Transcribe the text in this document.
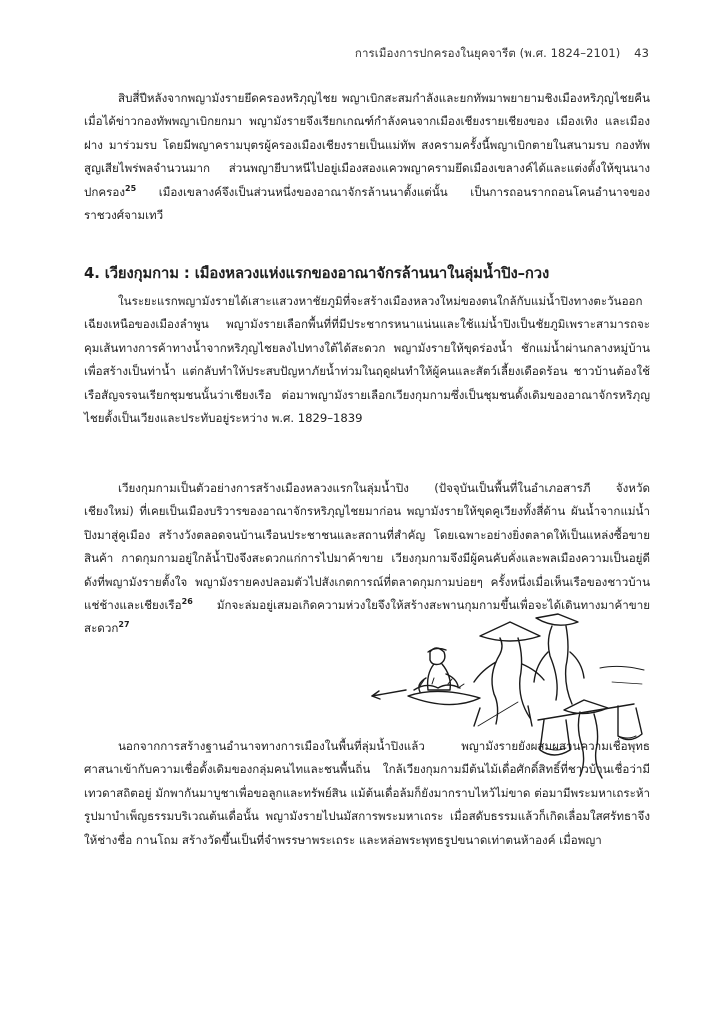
การเมืองการปกครองในยุคจารีต (พ.ศ. 1824–2101) 43

สิบสี่ปีหลังจากพญามังรายยึดครองหริภุญไชย พญาเบิกสะสมกำลังและยกทัพมาพยายามชิงเมืองหริภุญไชยคืน เมื่อได้ข่าวกองทัพพญาเบิกยกมา พญามังรายจึงเรียกเกณฑ์กำลังคนจากเมืองเชียงรายเชียงของ เมืองเทิง และเมืองฝาง มาร่วมรบ โดยมีพญาครามบุตรผู้ครองเมืองเชียงรายเป็นแม่ทัพ สงครามครั้งนี้พญาเบิกตายในสนามรบ กองทัพสูญเสียไพร่พลจำนวนมาก ส่วนพญายีบาหนีไปอยู่เมืองสองแควพญาครามยึดเมืองเขลางค์ได้และแต่งตั้งให้ขุนนางปกครอง$^{25}$ เมืองเขลางค์จึงเป็นส่วนหนึ่งของอาณาจักรล้านนาตั้งแต่นั้น เป็นการถอนรากถอนโคนอำนาจของราชวงศ์จามเทวี

4. เวียงกุมกาม : เมืองหลวงแห่งแรกของอาณาจักรล้านนาในลุ่มน้ำปิง–กวง

ในระยะแรกพญามังรายได้เสาะแสวงหาชัยภูมิที่จะสร้างเมืองหลวงใหม่ของตนใกล้กับแม่น้ำปิงทางตะวันออกเฉียงเหนือของเมืองลำพูน พญามังรายเลือกพื้นที่ที่มีประชากรหนาแน่นและใช้แม่น้ำปิงเป็นชัยภูมิเพราะสามารถจะคุมเส้นทางการค้าทางน้ำจากหริภุญไชยลงไปทางใต้ได้สะดวก พญามังรายให้ขุดร่องน้ำ ชักแม่น้ำผ่านกลางหมู่บ้านเพื่อสร้างเป็นท่าน้ำ แต่กลับทำให้ประสบปัญหาภัยน้ำท่วมในฤดูฝนทำให้ผู้คนและสัตว์เลี้ยงเดือดร้อน ชาวบ้านต้องใช้เรือสัญจรจนเรียกชุมชนนั้นว่าเชียงเรือ ต่อมาพญามังรายเลือกเวียงกุมกามซึ่งเป็นชุมชนดั้งเดิมของอาณาจักรหริภุญไชยตั้งเป็นเวียงและประทับอยู่ระหว่าง พ.ศ. 1829–1839

เวียงกุมกามเป็นตัวอย่างการสร้างเมืองหลวงแรกในลุ่มน้ำปิง (ปัจจุบันเป็นพื้นที่ในอำเภอสารภี จังหวัดเชียงใหม่) ที่เคยเป็นเมืองบริวารของอาณาจักรหริภุญไชยมาก่อน พญามังรายให้ขุดคูเวียงทั้งสี่ด้าน ผันน้ำจากแม่น้ำปิงมาสู่คูเมือง สร้างวังตลอดจนบ้านเรือนประชาชนและสถานที่สำคัญ โดยเฉพาะอย่างยิ่งตลาดให้เป็นแหล่งซื้อขายสินค้า กาดกุมกามอยู่ใกล้น้ำปิงจึงสะดวกแก่การไปมาค้าขาย เวียงกุมกามจึงมีผู้คนคับคั่งและพลเมืองความเป็นอยู่ดีดังที่พญามังรายตั้งใจ พญามังรายคงปลอมตัวไปสังเกตการณ์ที่ตลาดกุมกามบ่อยๆ ครั้งหนึ่งเมื่อเห็นเรือของชาวบ้านแช่ช้างและเชียงเรือ$^{26}$ มักจะล่มอยู่เสมอเกิดความห่วงใยจึงให้สร้างสะพานกุมกามขึ้นเพื่อจะได้เดินทางมาค้าขายสะดวก$^{27}$

นอกจากการสร้างฐานอำนาจทางการเมืองในพื้นที่ลุ่มน้ำปิงแล้ว พญามังรายยังผสมผสานความเชื่อพุทธศาสนาเข้ากับความเชื่อดั้งเดิมของกลุ่มคนไทและชนพื้นถิ่น ใกล้เวียงกุมกามมีต้นไม้เดื่อศักดิ์สิทธิ์ที่ชาวบ้านเชื่อว่ามีเทวดาสถิตอยู่ มักพากันมาบูชาเพื่อขอลูกและทรัพย์สิน แม้ต้นเดื่อล้มก็ยังมากราบไหว้ไม่ขาด ต่อมามีพระมหาเถระห้ารูปมาบำเพ็ญธรรมบริเวณต้นเดื่อนั้น พญามังรายไปนมัสการพระมหาเถระ เมื่อสดับธรรมแล้วก็เกิดเลื่อมใสศรัทธาจึงให้ช่างชื่อ กานโถม สร้างวัดขึ้นเป็นที่จำพรรษาพระเถระ และหล่อพระพุทธรูปขนาดเท่าตนห้าองค์ เมื่อพญา
